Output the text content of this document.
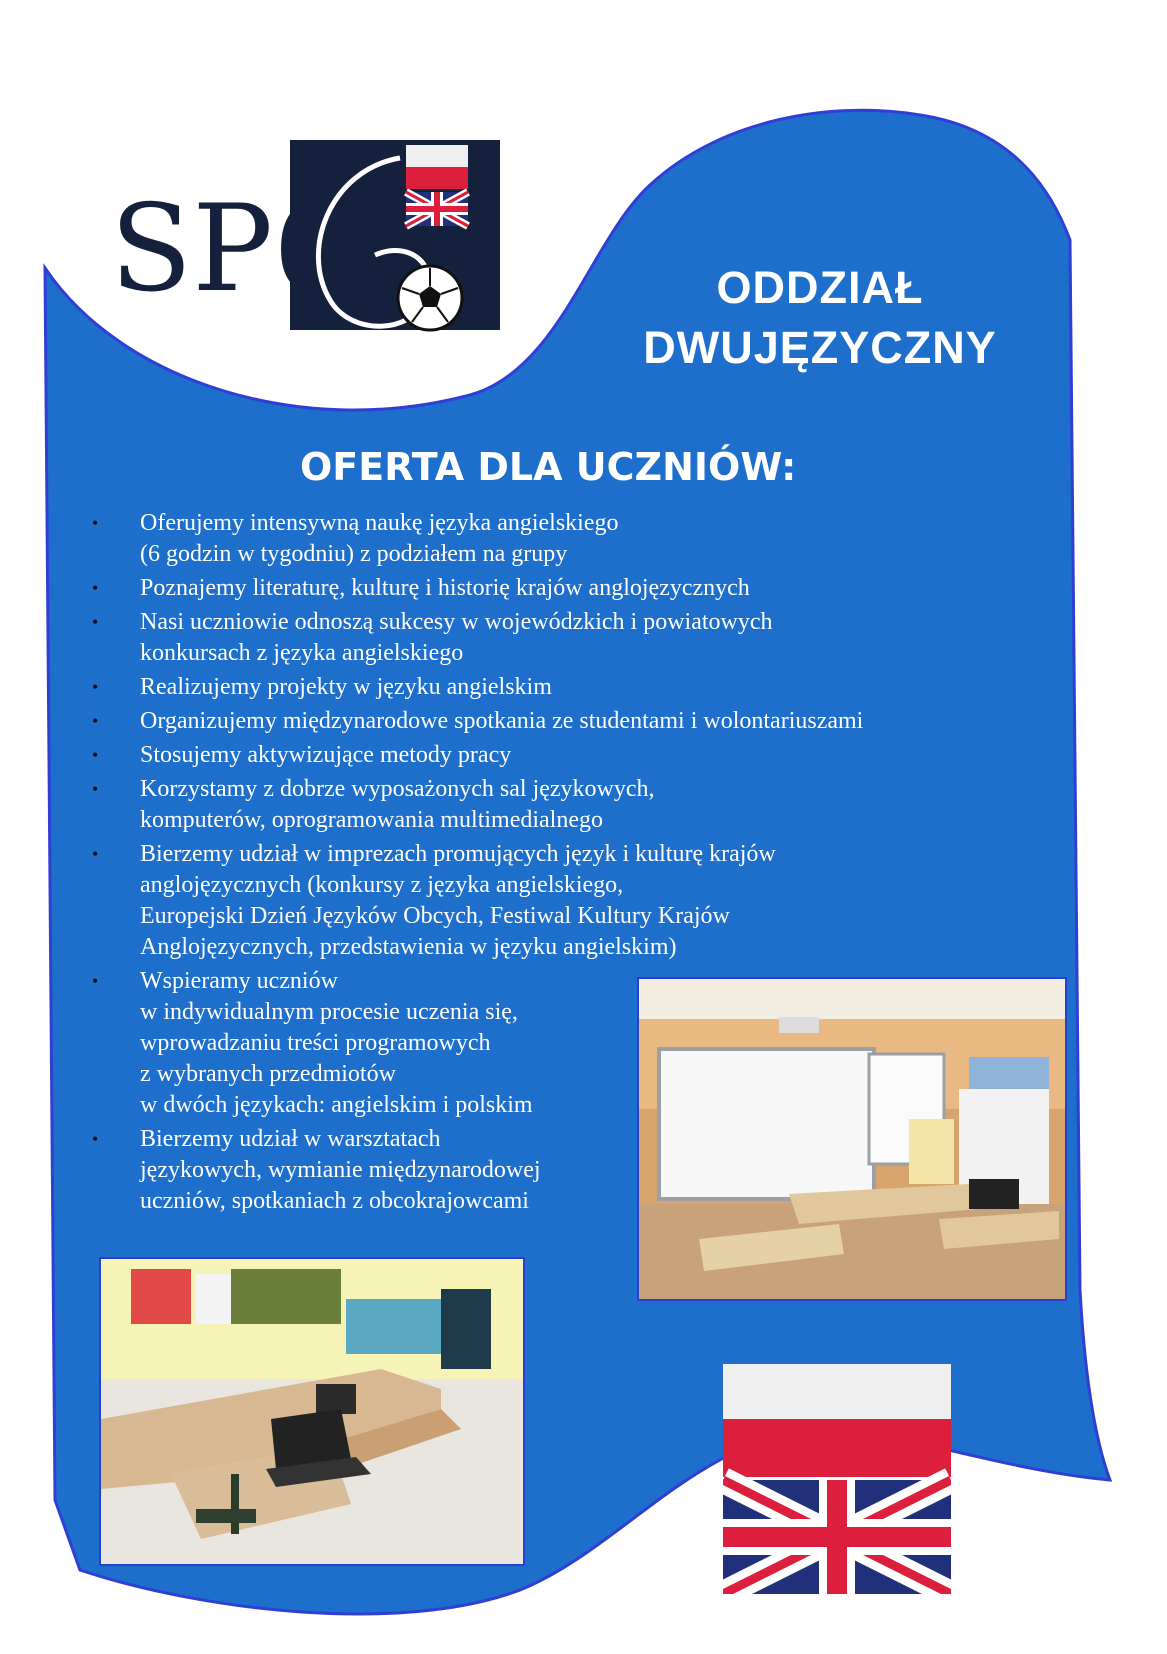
SP6	ODDZIAŁ
DWUJĘZYCZNY
OFERTA DLA UCZNIÓW:
• Oferujemy intensywną naukę języka angielskiego
(6 godzin w tygodniu) z podziałem na grupy
• Poznajemy literaturę, kulturę i historię krajów anglojęzycznych
• Nasi uczniowie odnoszą sukcesy w wojewódzkich i powiatowych
konkursach z języka angielskiego
• Realizujemy projekty w języku angielskim
• Organizujemy międzynarodowe spotkania ze studentami i wolontariuszami
• Stosujemy aktywizujące metody pracy
• Korzystamy z dobrze wyposażonych sal językowych,
komputerów, oprogramowania multimedialnego
• Bierzemy udział w imprezach promujących język i kulturę krajów
anglojęzycznych (konkursy z języka angielskiego,
Europejski Dzień Języków Obcych, Festiwal Kultury Krajów
Anglojęzycznych, przedstawienia w języku angielskim)
• Wspieramy uczniów
w indywidualnym procesie uczenia się,
wprowadzaniu treści programowych
z wybranych przedmiotów
w dwóch językach: angielskim i polskim
• Bierzemy udział w warsztatach
językowych, wymianie międzynarodowej
uczniów, spotkaniach z obcokrajowcami
